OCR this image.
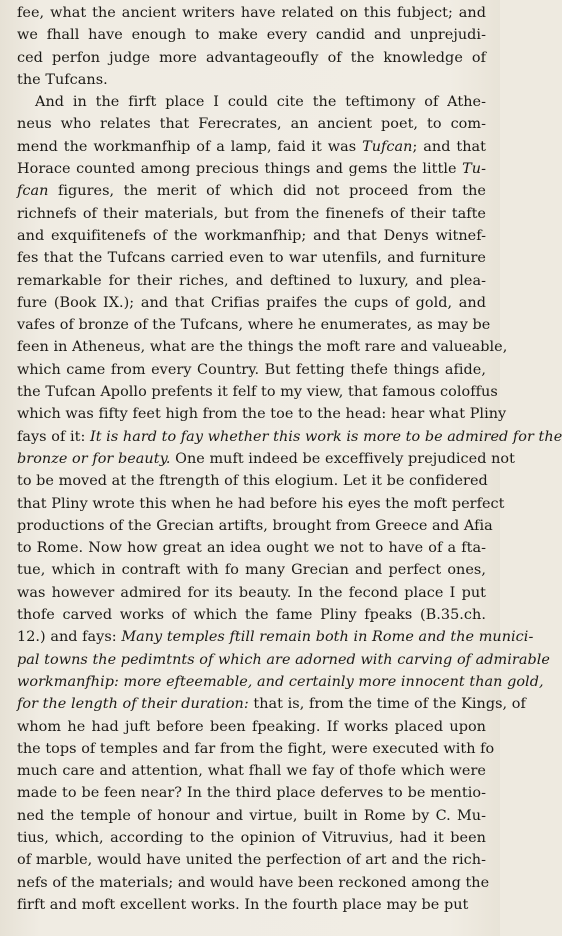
fee, what the ancient writers have related on this fubject; and
we fhall have enough to make every candid and unprejudi-
ced perfon judge more advantageoufly of the knowledge of
the Tufcans.
And in the firft place I could cite the teftimony of Athe-
neus who relates that Ferecrates, an ancient poet, to com-
mend the workmanfhip of a lamp, faid it was Tufcan; and that
Horace counted among precious things and gems the little Tu-
fcan figures, the merit of which did not proceed from the
richnefs of their materials, but from the finenefs of their tafte
and exquifitenefs of the workmanfhip; and that Denys witnef-
fes that the Tufcans carried even to war utenfils, and furniture
remarkable for their riches, and deftined to luxury, and plea-
fure (Book IX.); and that Crifias praifes the cups of gold, and
vafes of bronze of the Tufcans, where he enumerates, as may be
feen in Atheneus, what are the things the moft rare and valueable,
which came from every Country. But fetting thefe things afide,
the Tufcan Apollo prefents it felf to my view, that famous coloffus
which was fifty feet high from the toe to the head: hear what Pliny
fays of it: It is hard to fay whether this work is more to be admired for the
bronze or for beauty. One muft indeed be exceffively prejudiced not
to be moved at the ftrength of this elogium. Let it be confidered
that Pliny wrote this when he had before his eyes the moft perfect
productions of the Grecian artifts, brought from Greece and Afia
to Rome. Now how great an idea ought we not to have of a fta-
tue, which in contraft with fo many Grecian and perfect ones,
was however admired for its beauty. In the fecond place I put
thofe carved works of which the fame Pliny fpeaks (B.35.ch.
12.) and fays: Many temples ftill remain both in Rome and the munici-
pal towns the pedimtnts of which are adorned with carving of admirable
workmanfhip: more efteemable, and certainly more innocent than gold,
for the length of their duration: that is, from the time of the Kings, of
whom he had juft before been fpeaking. If works placed upon
the tops of temples and far from the fight, were executed with fo
much care and attention, what fhall we fay of thofe which were
made to be feen near? In the third place deferves to be mentio-
ned the temple of honour and virtue, built in Rome by C. Mu-
tius, which, according to the opinion of Vitruvius, had it been
of marble, would have united the perfection of art and the rich-
nefs of the materials; and would have been reckoned among the
firft and moft excellent works. In the fourth place may be put
